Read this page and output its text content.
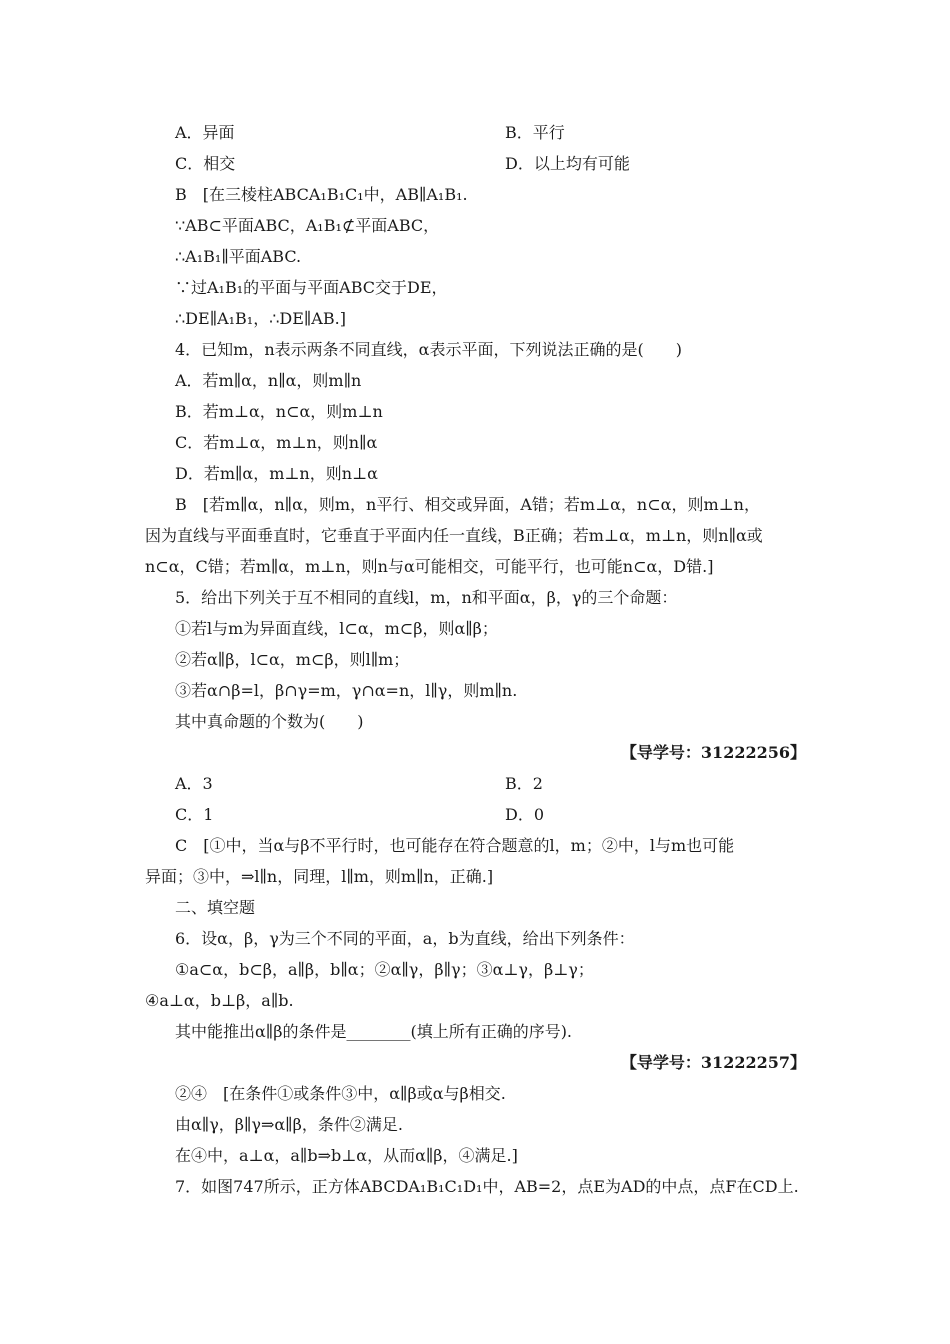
A．异面	B．平行
C．相交	D．以上均有可能
B　[在三棱柱ABCA₁B₁C₁中，AB∥A₁B₁.
∵AB⊂平面ABC，A₁B₁⊄平面ABC，
∴A₁B₁∥平面ABC.
∵过A₁B₁的平面与平面ABC交于DE，
∴DE∥A₁B₁，∴DE∥AB.]
4．已知m，n表示两条不同直线，α表示平面，下列说法正确的是(　　)
A．若m∥α，n∥α，则m∥n
B．若m⊥α，n⊂α，则m⊥n
C．若m⊥α，m⊥n，则n∥α
D．若m∥α，m⊥n，则n⊥α
B　[若m∥α，n∥α，则m，n平行、相交或异面，A错；若m⊥α，n⊂α，则m⊥n，
因为直线与平面垂直时，它垂直于平面内任一直线，B正确；若m⊥α，m⊥n，则n∥α或
n⊂α，C错；若m∥α，m⊥n，则n与α可能相交，可能平行，也可能n⊂α，D错.]
5．给出下列关于互不相同的直线l，m，n和平面α，β，γ的三个命题：
①若l与m为异面直线，l⊂α，m⊂β，则α∥β；
②若α∥β，l⊂α，m⊂β，则l∥m；
③若α∩β=l，β∩γ=m，γ∩α=n，l∥γ，则m∥n.
其中真命题的个数为(　　)
【导学号：31222256】
A．3	B．2
C．1	D．0
C　[①中，当α与β不平行时，也可能存在符合题意的l，m；②中，l与m也可能
异面；③中，⇒l∥n，同理，l∥m，则m∥n，正确.]
二、填空题
6．设α，β，γ为三个不同的平面，a，b为直线，给出下列条件：
①a⊂α，b⊂β，a∥β，b∥α；②α∥γ，β∥γ；③α⊥γ，β⊥γ；
④a⊥α，b⊥β，a∥b.
其中能推出α∥β的条件是________(填上所有正确的序号).
【导学号：31222257】
②④　[在条件①或条件③中，α∥β或α与β相交.
由α∥γ，β∥γ⇒α∥β，条件②满足.
在④中，a⊥α，a∥b⇒b⊥α，从而α∥β，④满足.]
7．如图747所示，正方体ABCDA₁B₁C₁D₁中，AB=2，点E为AD的中点，点F在CD上.
